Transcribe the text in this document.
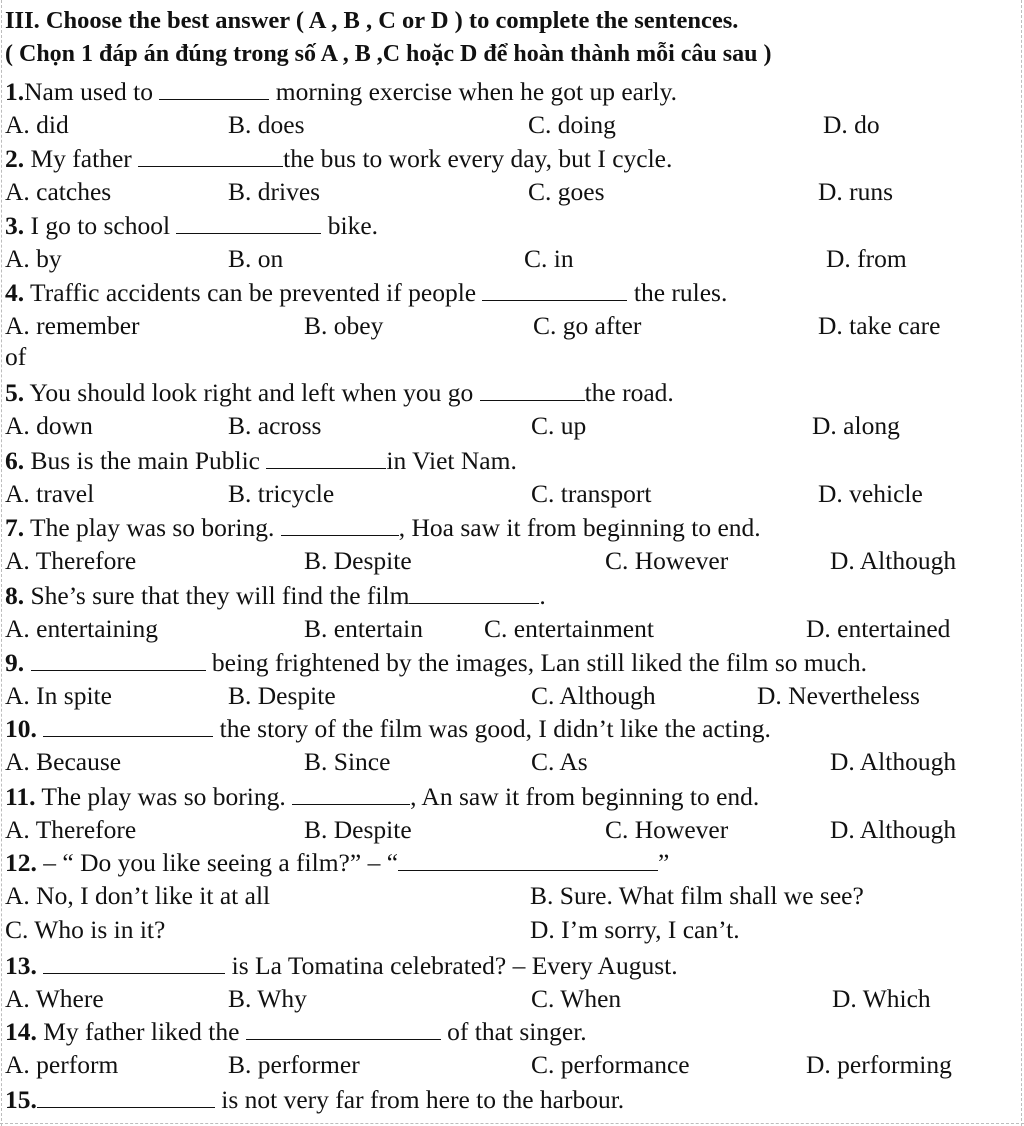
III. Choose the best answer ( A , B , C or D ) to complete the sentences.
( Chọn 1 đáp án đúng trong số A , B ,C hoặc D để hoàn thành mỗi câu sau )
1.Nam used to	morning exercise when he got up early.
A. did	B. does	C. doing	D. do
2. My father	the bus to work every day, but I cycle.
A. catches	B. drives	C. goes	D. runs
3. I go to school	bike.
A. by	B. on	C. in	D. from
4. Traffic accidents can be prevented if people	the rules.
A. remember	B. obey	C. go after	D. take care
of
5. You should look right and left when you go	the road.
A. down	B. across	C. up	D. along
6. Bus is the main Public	in Viet Nam.
A. travel	B. tricycle	C. transport	D. vehicle
7. The play was so boring.	, Hoa saw it from beginning to end.
A. Therefore	B. Despite	C. However	D. Although
8. She’s sure that they will find the film	.
A. entertaining	B. entertain C. entertainment	D. entertained
9.	being frightened by the images, Lan still liked the film so much.
A. In spite	B. Despite	C. Although	D. Nevertheless
10.	the story of the film was good, I didn’t like the acting.
A. Because	B. Since	C. As	D. Although
11. The play was so boring.	, An saw it from beginning to end.
A. Therefore	B. Despite	C. However	D. Although
12. – “ Do you like seeing a film?” – “	”
A. No, I don’t like it at all	B. Sure. What film shall we see?
C. Who is in it?	D. I’m sorry, I can’t.
13.	is La Tomatina celebrated? – Every August.
A. Where	B. Why	C. When	D. Which
14. My father liked the	of that singer.
A. perform	B. performer	C. performance	D. performing
15.	is not very far from here to the harbour.
